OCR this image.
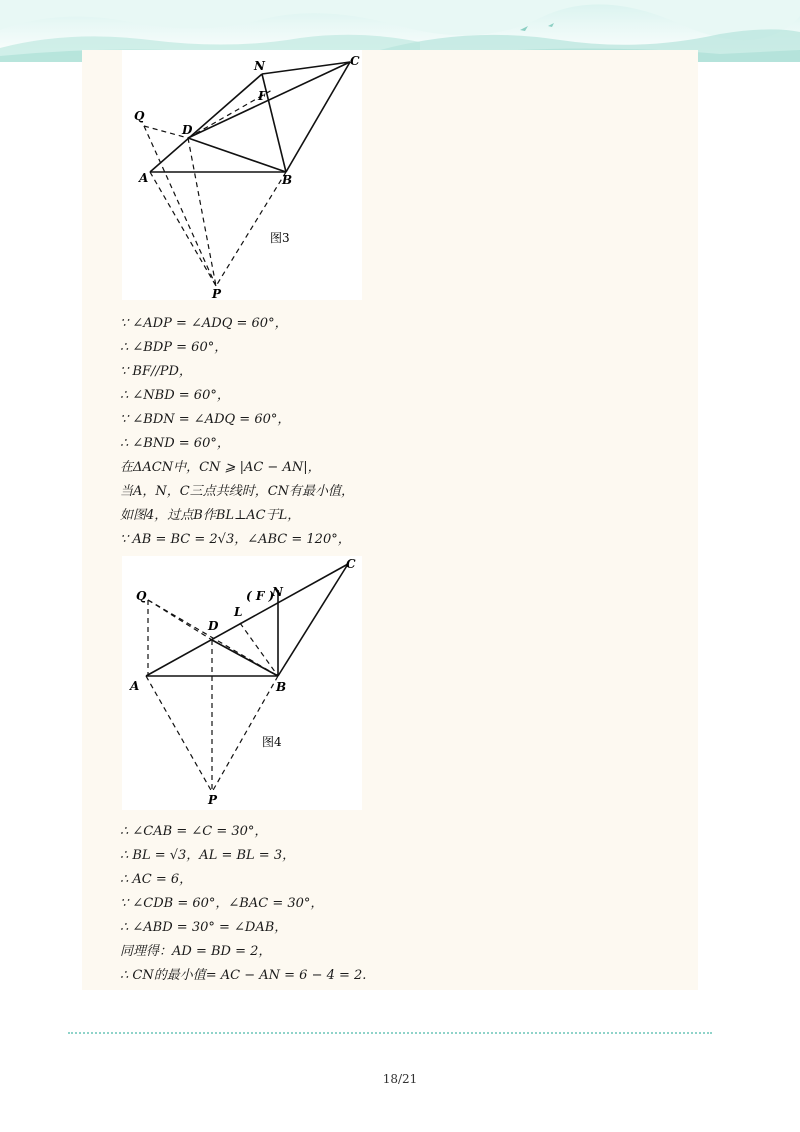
N	C
F
Q
D
A	B
P
图3
∵ ∠ADP = ∠ADQ = 60°，
∴ ∠BDP = 60°，
∵ BF//PD，
∴ ∠NBD = 60°，
∵ ∠BDN = ∠ADQ = 60°，
∴ ∠BND = 60°，
在ΔACN中，CN ⩾ |AC − AN|，
当A，N，C三点共线时，CN有最小值，
如图4，过点B作BL⊥AC于L，
∵ AB = BC = 2√3，∠ABC = 120°，
Q	( F )
N
C
L
D
A	B
P
图4
∴ ∠CAB = ∠C = 30°，
∴ BL = √3，AL = BL = 3，
∴ AC = 6，
∵ ∠CDB = 60°，∠BAC = 30°，
∴ ∠ABD = 30° = ∠DAB，
同理得：AD = BD = 2，
∴ CN的最小值= AC − AN = 6 − 4 = 2.
18/21
